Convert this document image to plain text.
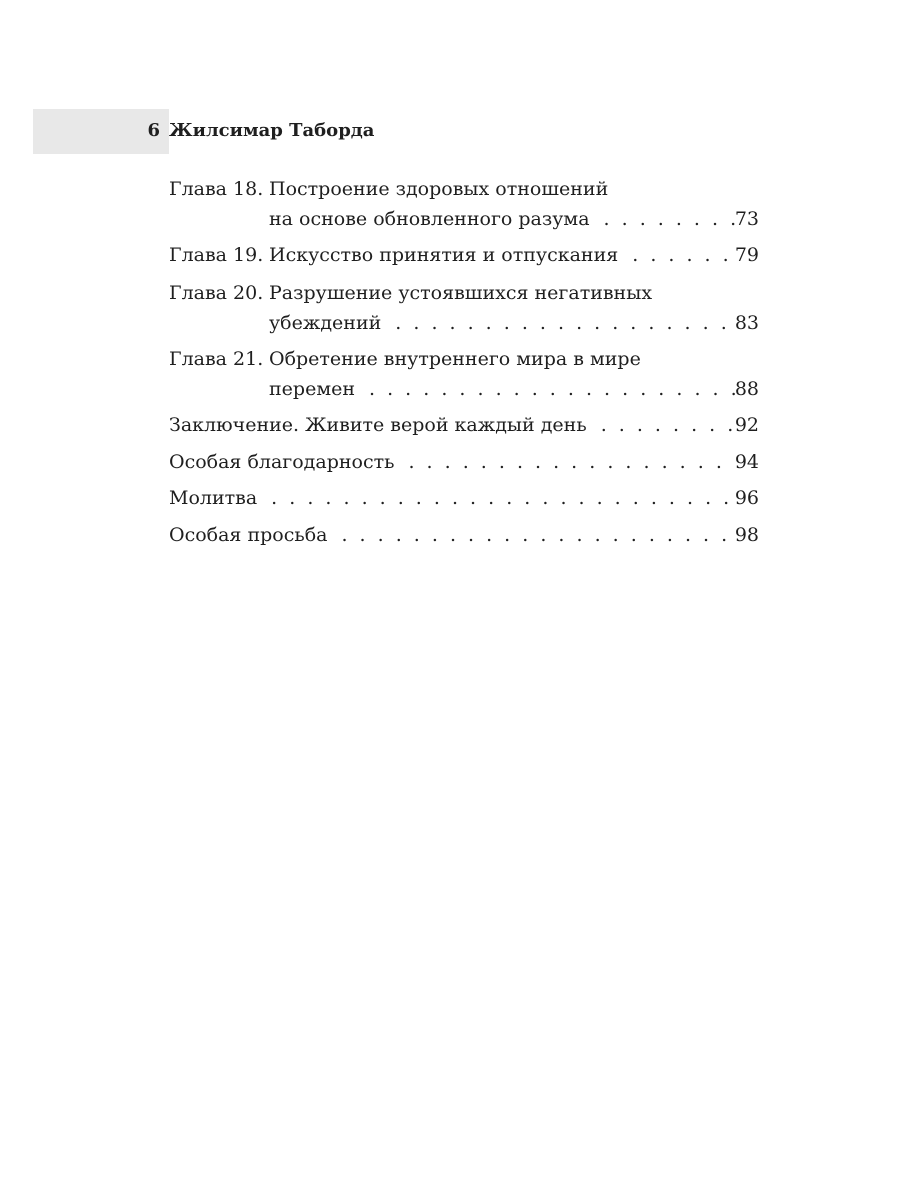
6 Жилсимар Таборда
Глава 18. Построение здоровых отношений
на основе обновленного разума . . .	73
Глава 19. Искусство принятия и отпускания . . .	79
Глава 20. Разрушение устоявшихся негативных
убеждений . . .	83
Глава 21. Обретение внутреннего мира в мире
перемен . . .	88
Заключение. Живите верой каждый день . . .	92
Особая благодарность . . .	94
Молитва . . .	96
Особая просьба . . .	98
